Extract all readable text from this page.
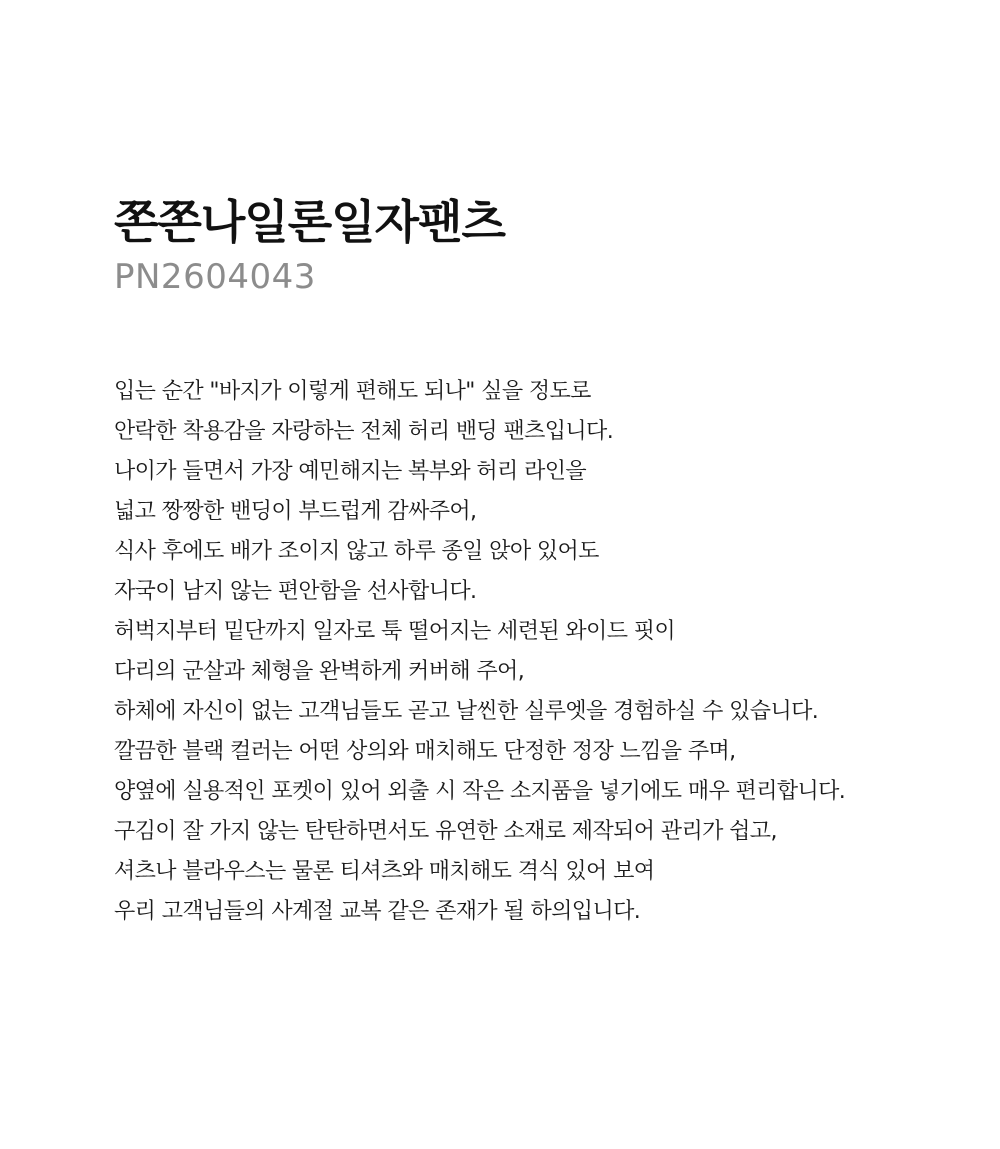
쫀쫀나일론일자팬츠

PN2604043

입는 순간 "바지가 이렇게 편해도 되나" 싶을 정도로
안락한 착용감을 자랑하는 전체 허리 밴딩 팬츠입니다.
나이가 들면서 가장 예민해지는 복부와 허리 라인을
넓고 짱짱한 밴딩이 부드럽게 감싸주어,
식사 후에도 배가 조이지 않고 하루 종일 앉아 있어도
자국이 남지 않는 편안함을 선사합니다.
허벅지부터 밑단까지 일자로 툭 떨어지는 세련된 와이드 핏이
다리의 군살과 체형을 완벽하게 커버해 주어,
하체에 자신이 없는 고객님들도 곧고 날씬한 실루엣을 경험하실 수 있습니다.
깔끔한 블랙 컬러는 어떤 상의와 매치해도 단정한 정장 느낌을 주며,
양옆에 실용적인 포켓이 있어 외출 시 작은 소지품을 넣기에도 매우 편리합니다.
구김이 잘 가지 않는 탄탄하면서도 유연한 소재로 제작되어 관리가 쉽고,
셔츠나 블라우스는 물론 티셔츠와 매치해도 격식 있어 보여
우리 고객님들의 사계절 교복 같은 존재가 될 하의입니다.
